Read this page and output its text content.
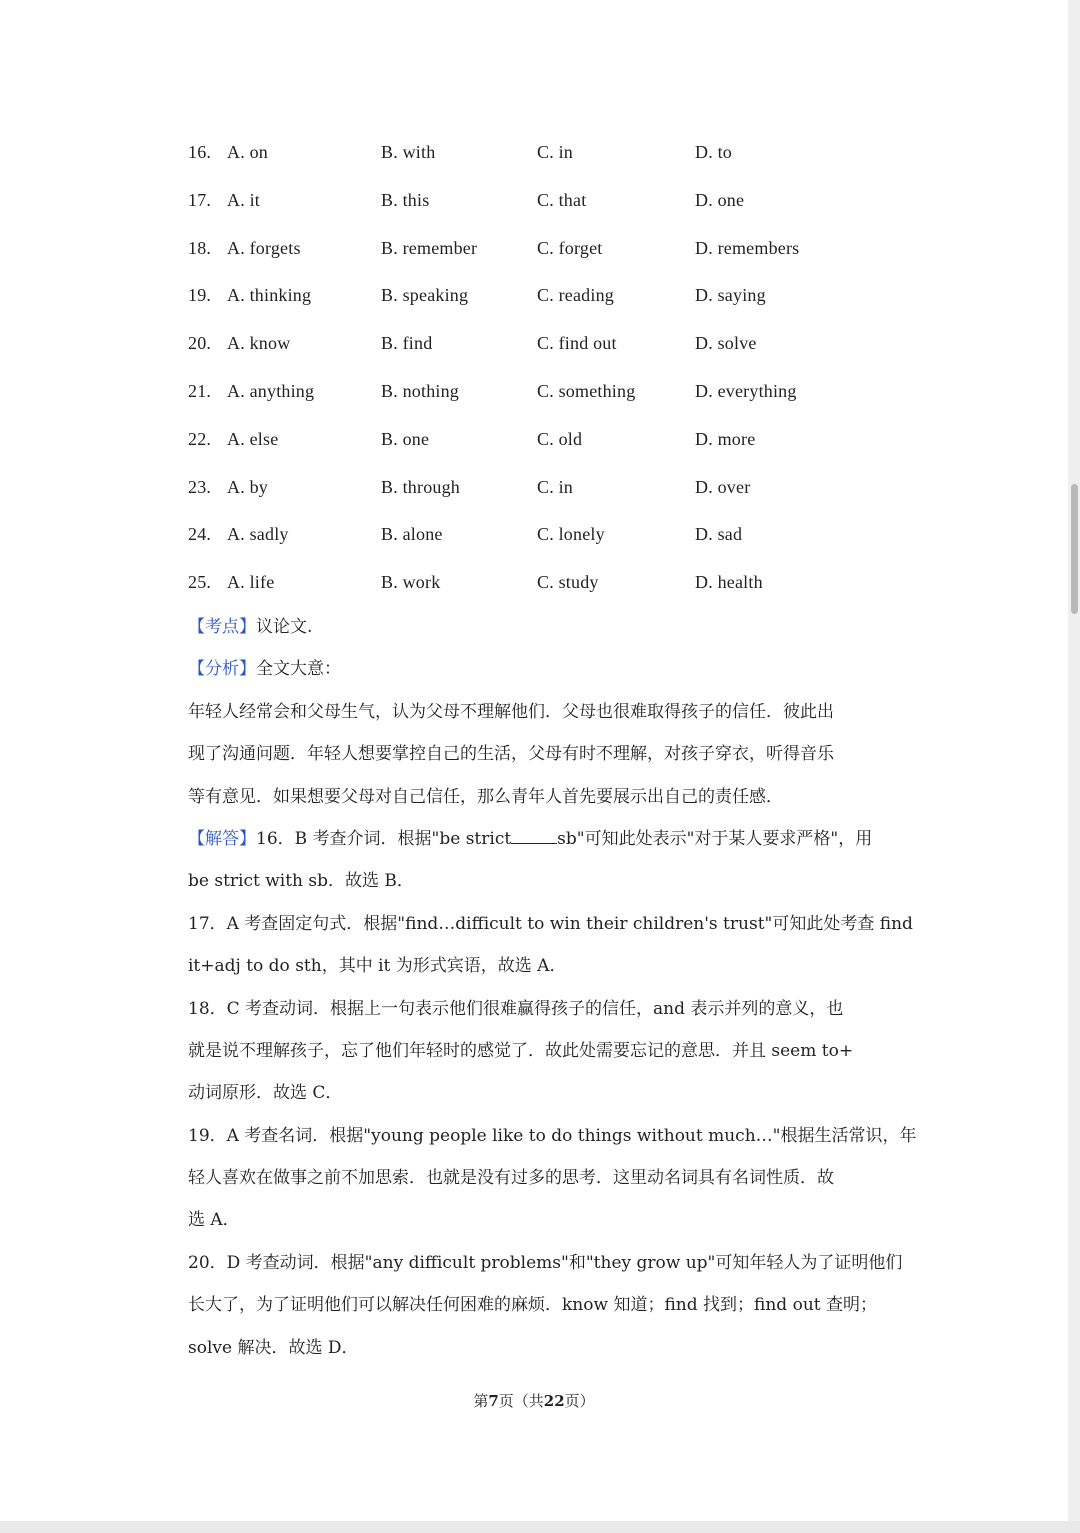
16. A. on	B. with	C. in	D. to
17. A. it	B. this	C. that	D. one
18. A. forgets	B. remember	C. forget	D. remembers
19. A. thinking	B. speaking	C. reading	D. saying
20. A. know	B. find	C. find out	D. solve
21. A. anything	B. nothing	C. something	D. everything
22. A. else	B. one	C. old	D. more
23. A. by	B. through	C. in	D. over
24. A. sadly	B. alone	C. lonely	D. sad
25. A. life	B. work	C. study	D. health
【考点】议论文.
【分析】全文大意：
年轻人经常会和父母生气，认为父母不理解他们．父母也很难取得孩子的信任．彼此出
现了沟通问题．年轻人想要掌控自己的生活，父母有时不理解，对孩子穿衣，听得音乐
等有意见．如果想要父母对自己信任，那么青年人首先要展示出自己的责任感．
【解答】16．B 考查介词．根据"be strict	sb"可知此处表示"对于某人要求严格"，用
be strict with sb．故选 B．
17．A 考查固定句式．根据"find…difficult to win their children's trust"可知此处考查 find
it+adj to do sth，其中 it 为形式宾语，故选 A．
18．C 考查动词．根据上一句表示他们很难赢得孩子的信任，and 表示并列的意义，也
就是说不理解孩子，忘了他们年轻时的感觉了．故此处需要忘记的意思．并且 seem to+
动词原形．故选 C．
19．A 考查名词．根据"young people like to do things without much…"根据生活常识，年
轻人喜欢在做事之前不加思索．也就是没有过多的思考．这里动名词具有名词性质．故
选 A．
20．D 考查动词．根据"any difficult problems"和"they grow up"可知年轻人为了证明他们
长大了，为了证明他们可以解决任何困难的麻烦．know 知道；find 找到；find out 查明；
solve 解决．故选 D．
第7页（共22页）
